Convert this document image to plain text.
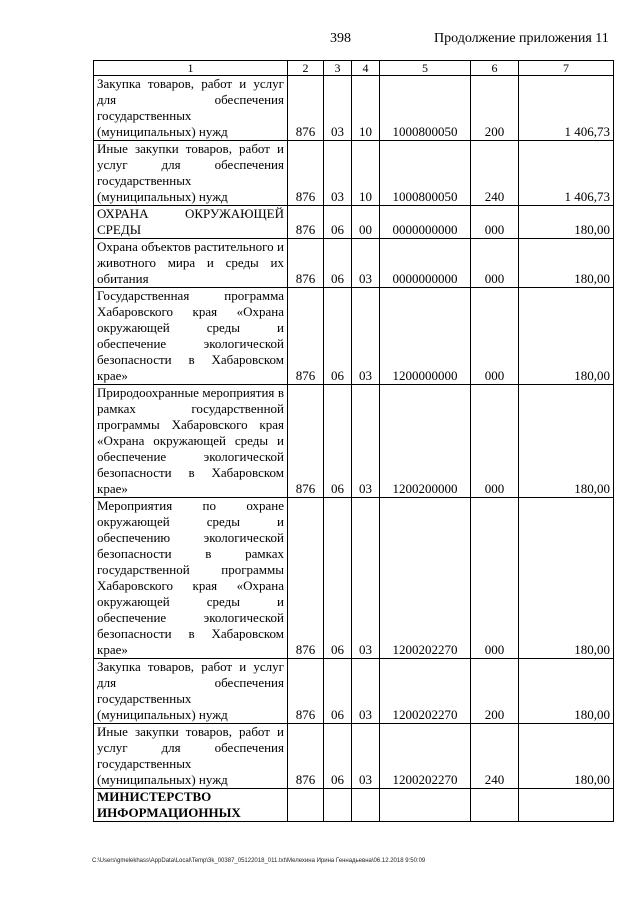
398	Продолжение приложения 11
1	2	3	4	5	6	7
Закупка товаров, работ и услуг для обеспечения государственных (муниципальных) нужд	876	03	10	1000800050	200	1 406,73
Иные закупки товаров, работ и услуг для обеспечения государственных (муниципальных) нужд	876	03	10	1000800050	240	1 406,73
ОХРАНА ОКРУЖАЮЩЕЙ СРЕДЫ	876	06	00	0000000000	000	180,00
Охрана объектов растительного и животного мира и среды их обитания	876	06	03	0000000000	000	180,00
Государственная программа Хабаровского края «Охрана окружающей среды и обеспечение экологической безопасности в Хабаровском крае»	876	06	03	1200000000	000	180,00
Природоохранные мероприятия в рамках государственной программы Хабаровского края «Охрана окружающей среды и обеспечение экологической безопасности в Хабаровском крае»	876	06	03	1200200000	000	180,00
Мероприятия по охране окружающей среды и обеспечению экологической безопасности в рамках государственной программы Хабаровского края «Охрана окружающей среды и обеспечение экологической безопасности в Хабаровском крае»	876	06	03	1200202270	000	180,00
Закупка товаров, работ и услуг для обеспечения государственных (муниципальных) нужд	876	06	03	1200202270	200	180,00
Иные закупки товаров, работ и услуг для обеспечения государственных (муниципальных) нужд	876	06	03	1200202270	240	180,00
МИНИСТЕРСТВО ИНФОРМАЦИОННЫХ						
C:\Users\gmelekhass\AppData\Local\Temp\3k_00387_05122018_011.txt\Мелехина Ирина Геннадьевна\06.12.2018 9:50:09
